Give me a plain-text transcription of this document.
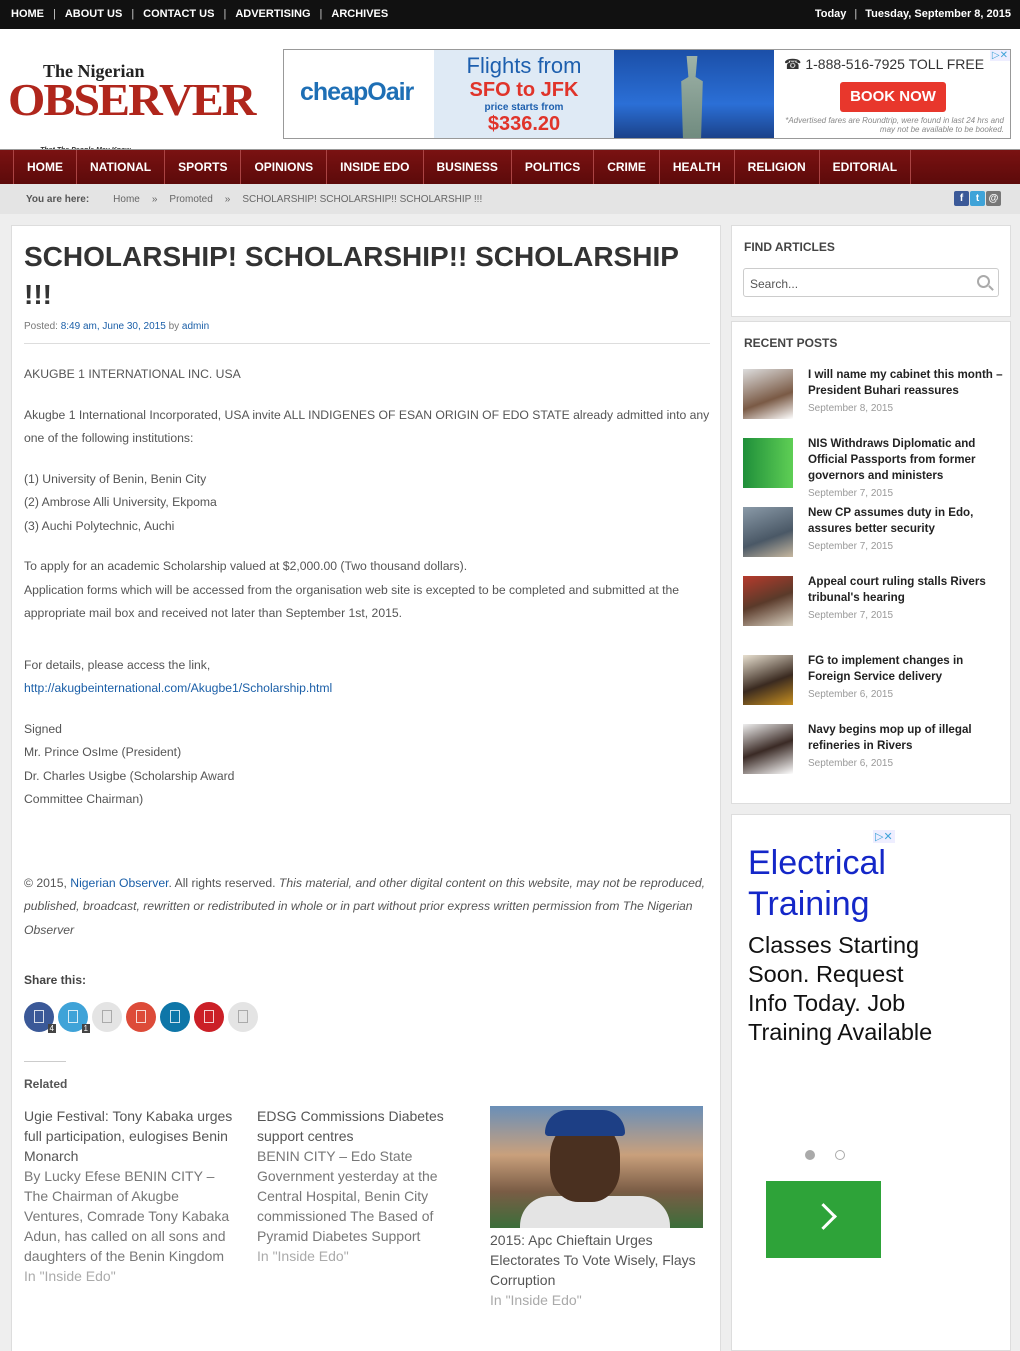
HOME | ABOUT US | CONTACT US | ADVERTISING | ARCHIVES	Today | Tuesday, September 8, 2015
The Nigerian
OBSERVER cheapOair
Flights from
SFO to JFK
price starts from
$336.20
☎ 1-888-516-7925 TOLL FREE
BOOK NOW
*Advertised fares are Roundtrip, were found in last 24 hrs and may not be available to be booked.
▷✕
HOME	NATIONAL	SPORTS	OPINIONS	INSIDE EDO	BUSINESS	POLITICS	CRIME	HEALTH	RELIGION	EDITORIAL
You are here: Home » Promoted » SCHOLARSHIP! SCHOLARSHIP!! SCHOLARSHIP !!!	f	t @
SCHOLARSHIP! SCHOLARSHIP!! SCHOLARSHIP !!!
Posted: 8:49 am, June 30, 2015 by admin

AKUGBE 1 INTERNATIONAL INC. USA

Akugbe 1 International Incorporated, USA invite ALL INDIGENES OF ESAN ORIGIN OF EDO STATE already admitted into any one of the following institutions:

(1) University of Benin, Benin City
(2) Ambrose Alli University, Ekpoma
(3) Auchi Polytechnic, Auchi

To apply for an academic Scholarship valued at $2,000.00 (Two thousand dollars).
Application forms which will be accessed from the organisation web site is excepted to be completed and submitted at the appropriate mail box and received not later than September 1st, 2015.

For details, please access the link,
http://akugbeinternational.com/Akugbe1/Scholarship.html

Signed
Mr. Prince OsIme (President)
Dr. Charles Usigbe (Scholarship Award
Committee Chairman)

© 2015, Nigerian Observer. All rights reserved. This material, and other digital content on this website, may not be reproduced, published, broadcast, rewritten or redistributed in whole or in part without prior express written permission from The Nigerian Observer

Share this:
4	1
Related
Ugie Festival: Tony Kabaka urges full participation, eulogises Benin Monarch
By Lucky Efese BENIN CITY – The Chairman of Akugbe Ventures, Comrade Tony Kabaka Adun, has called on all sons and daughters of the Benin Kingdom
In "Inside Edo"
EDSG Commissions Diabetes support centres
BENIN CITY – Edo State Government yesterday at the Central Hospital, Benin City commissioned The Based of Pyramid Diabetes Support
In "Inside Edo"
2015: Apc Chieftain Urges Electorates To Vote Wisely, Flays Corruption
In "Inside Edo"
FIND ARTICLES
Search...
RECENT POSTS
I will name my cabinet this month – President Buhari reassures
September 8, 2015
NIS Withdraws Diplomatic and Official Passports from former governors and ministers
September 7, 2015
New CP assumes duty in Edo, assures better security
September 7, 2015
Appeal court ruling stalls Rivers tribunal's hearing
September 7, 2015
FG to implement changes in Foreign Service delivery
September 6, 2015
Navy begins mop up of illegal refineries in Rivers
September 6, 2015
▷✕
Electrical Training
Classes Starting Soon. Request Info Today. Job Training Available
